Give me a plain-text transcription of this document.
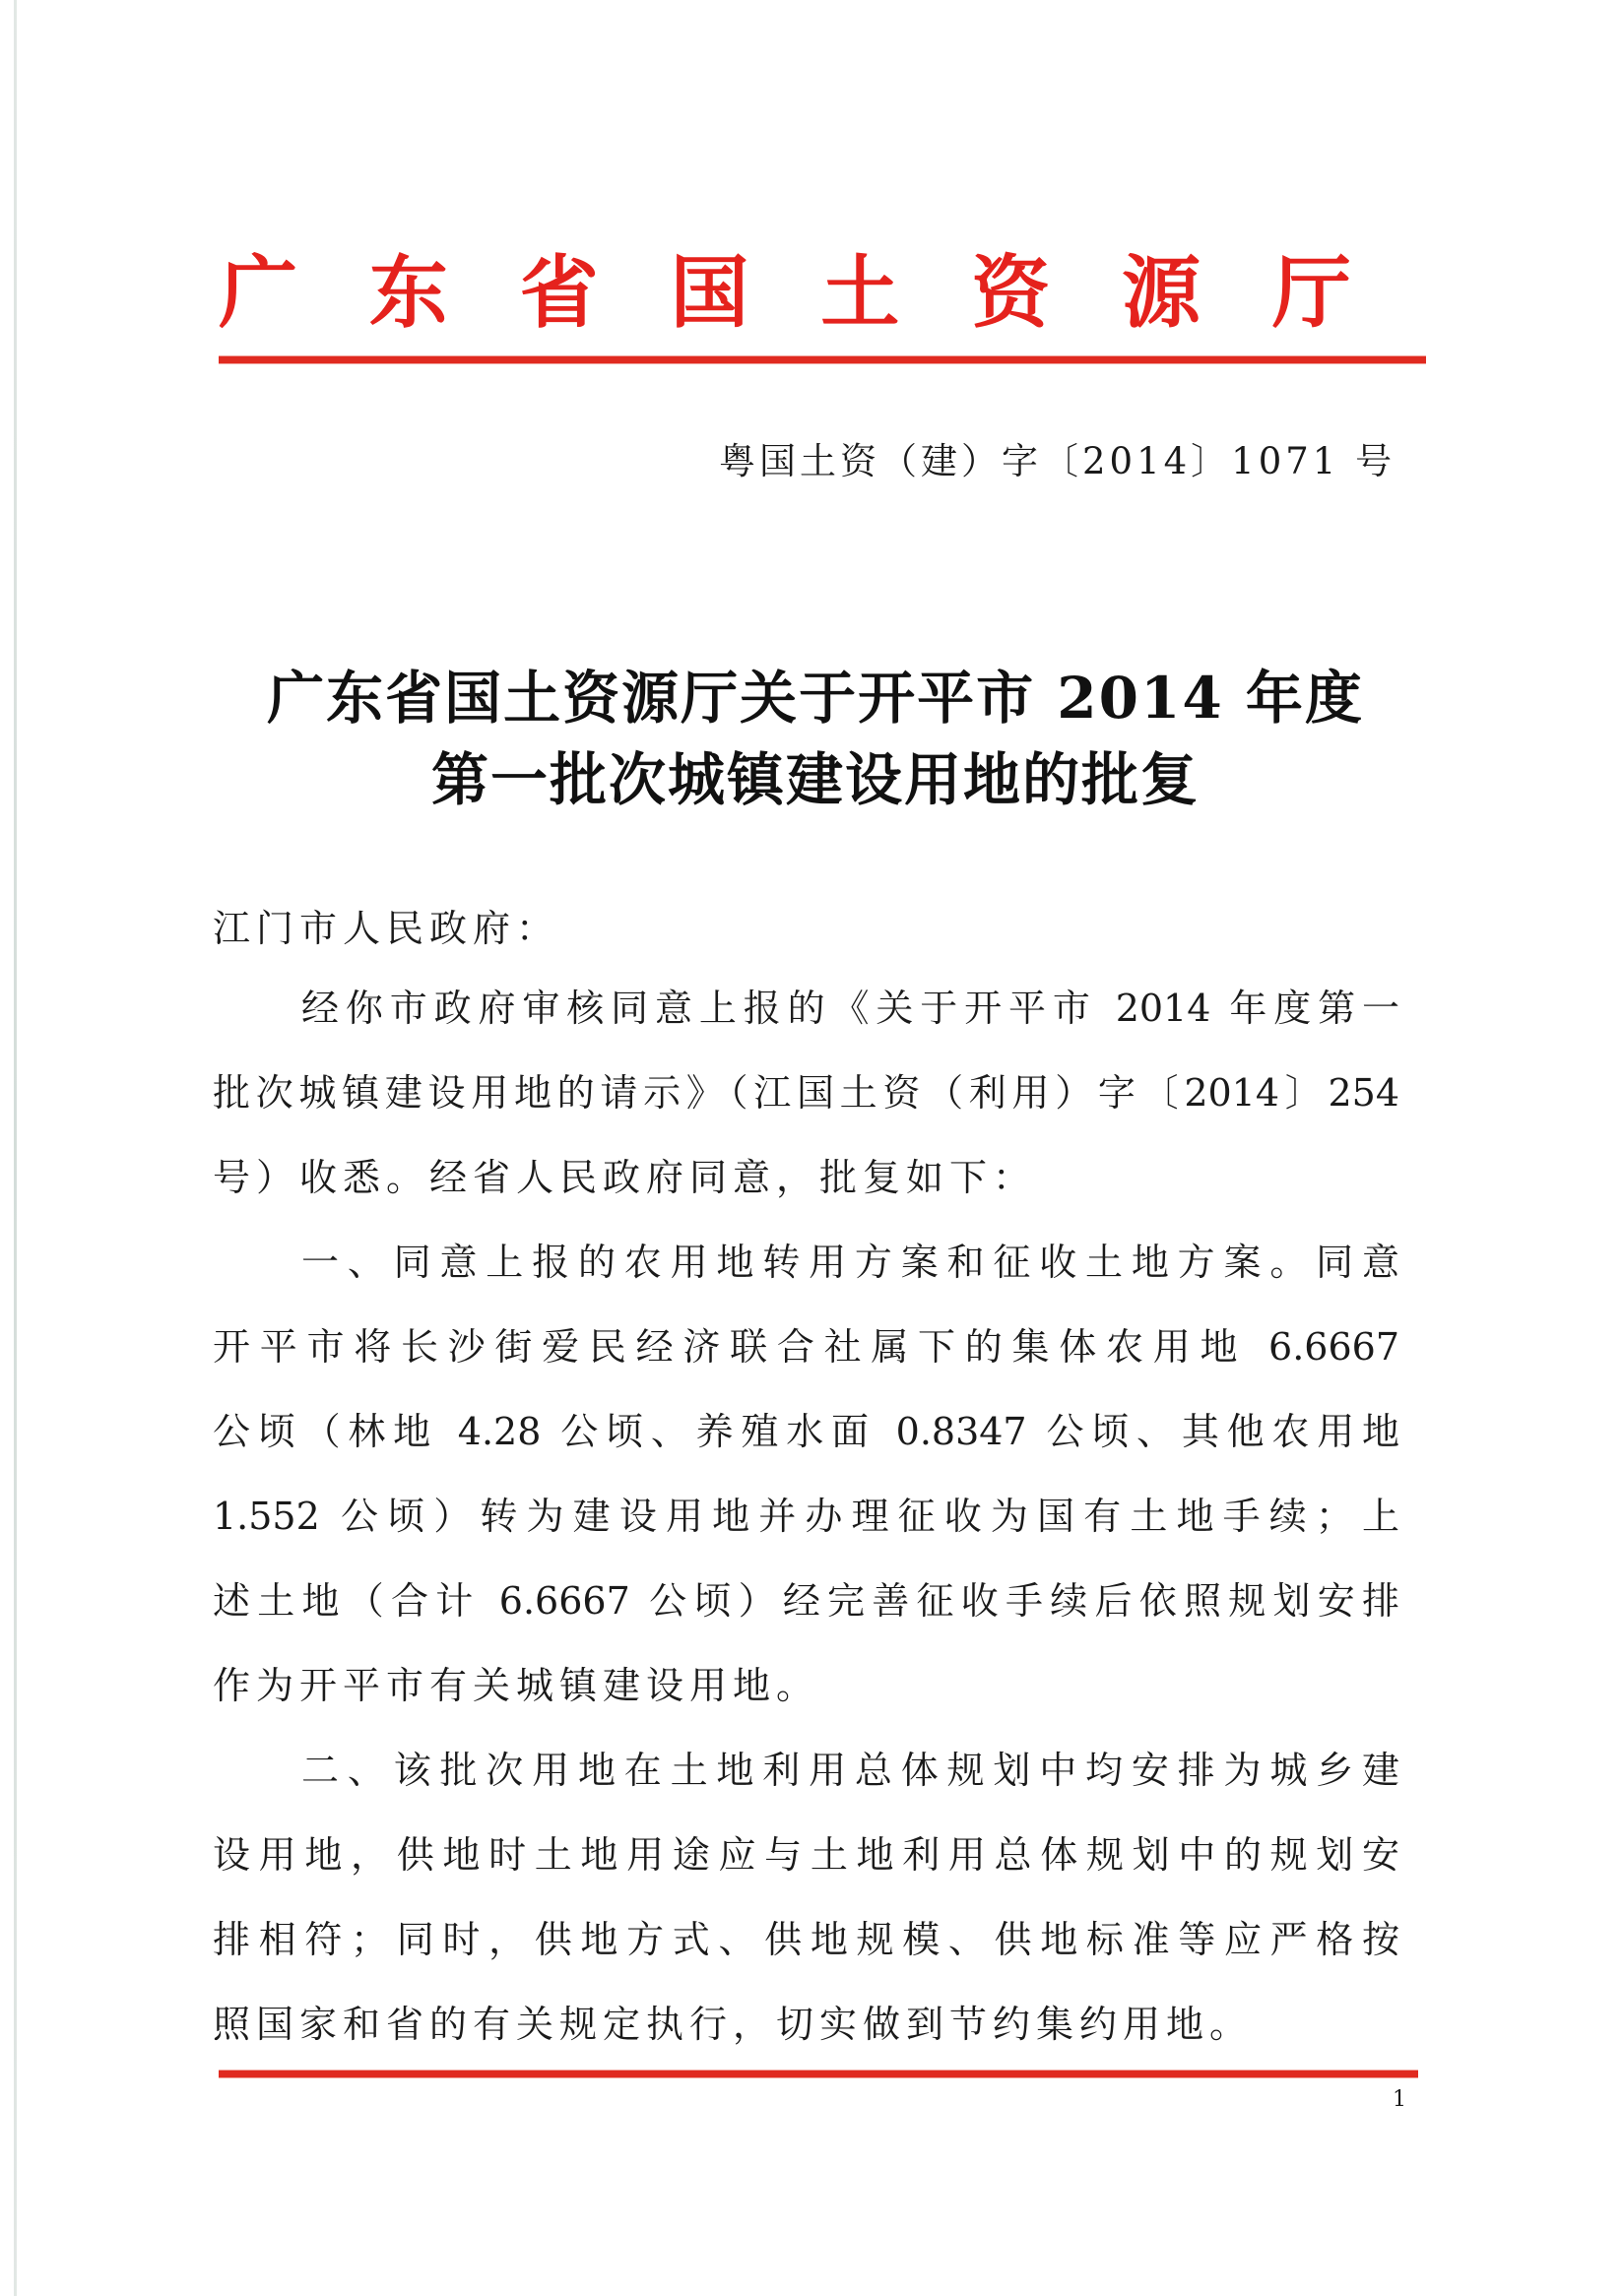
广 东 省 国 土 资 源 厅
粤国土资（建）字〔2014〕1071 号
广东省国土资源厅关于开平市 2014 年度
第一批次城镇建设用地的批复
江门市人民政府：
经你市政府审核同意上报的《关于开平市 2014 年度第一
批次城镇建设用地的请示》（江国土资（利用）字〔2014〕254
号）收悉。经省人民政府同意，批复如下：
一、同意上报的农用地转用方案和征收土地方案。同意
开平市将长沙街爱民经济联合社属下的集体农用地 6.6667
公顷（林地 4.28 公顷、养殖水面 0.8347 公顷、其他农用地
1.552 公顷）转为建设用地并办理征收为国有土地手续；上
述土地（合计 6.6667 公顷）经完善征收手续后依照规划安排
作为开平市有关城镇建设用地。
二、该批次用地在土地利用总体规划中均安排为城乡建
设用地，供地时土地用途应与土地利用总体规划中的规划安
排相符；同时，供地方式、供地规模、供地标准等应严格按
照国家和省的有关规定执行，切实做到节约集约用地。
1
